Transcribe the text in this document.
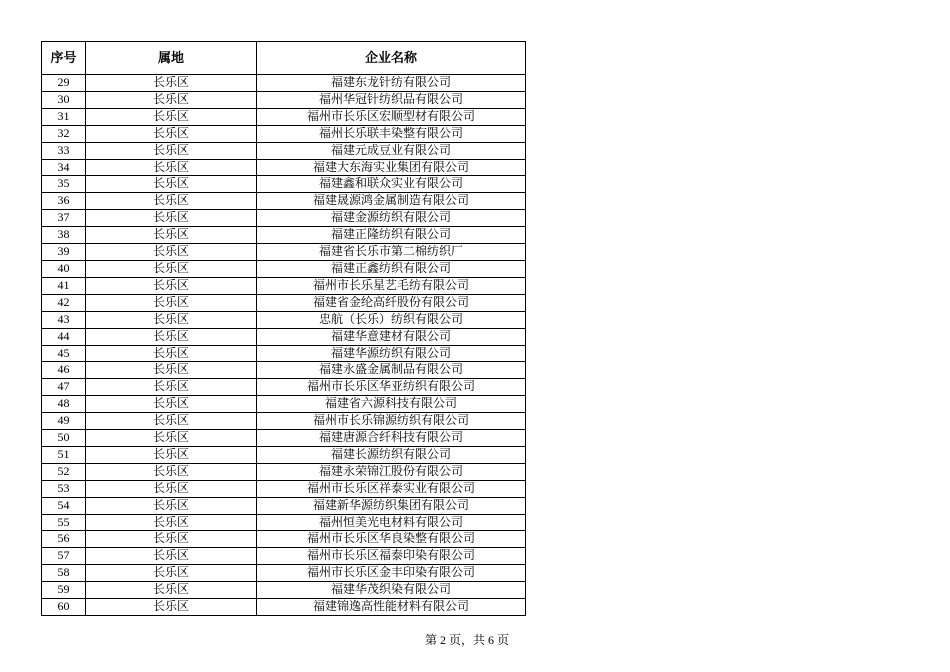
序号	属地	企业名称
29	长乐区	福建东龙针纺有限公司
30	长乐区	福州华冠针纺织品有限公司
31	长乐区	福州市长乐区宏顺型材有限公司
32	长乐区	福州长乐联丰染整有限公司
33	长乐区	福建元成豆业有限公司
34	长乐区	福建大东海实业集团有限公司
35	长乐区	福建鑫和联众实业有限公司
36	长乐区	福建晟源鸿金属制造有限公司
37	长乐区	福建金源纺织有限公司
38	长乐区	福建正隆纺织有限公司
39	长乐区	福建省长乐市第二棉纺织厂
40	长乐区	福建正鑫纺织有限公司
41	长乐区	福州市长乐星艺毛纺有限公司
42	长乐区	福建省金纶高纤股份有限公司
43	长乐区	忠航（长乐）纺织有限公司
44	长乐区	福建华意建材有限公司
45	长乐区	福建华源纺织有限公司
46	长乐区	福建永盛金属制品有限公司
47	长乐区	福州市长乐区华亚纺织有限公司
48	长乐区	福建省六源科技有限公司
49	长乐区	福州市长乐锦源纺织有限公司
50	长乐区	福建唐源合纤科技有限公司
51	长乐区	福建长源纺织有限公司
52	长乐区	福建永荣锦江股份有限公司
53	长乐区	福州市长乐区祥泰实业有限公司
54	长乐区	福建新华源纺织集团有限公司
55	长乐区	福州恒美光电材料有限公司
56	长乐区	福州市长乐区华良染整有限公司
57	长乐区	福州市长乐区福泰印染有限公司
58	长乐区	福州市长乐区金丰印染有限公司
59	长乐区	福建华茂织染有限公司
60	长乐区	福建锦逸高性能材料有限公司
第 2 页，共 6 页
